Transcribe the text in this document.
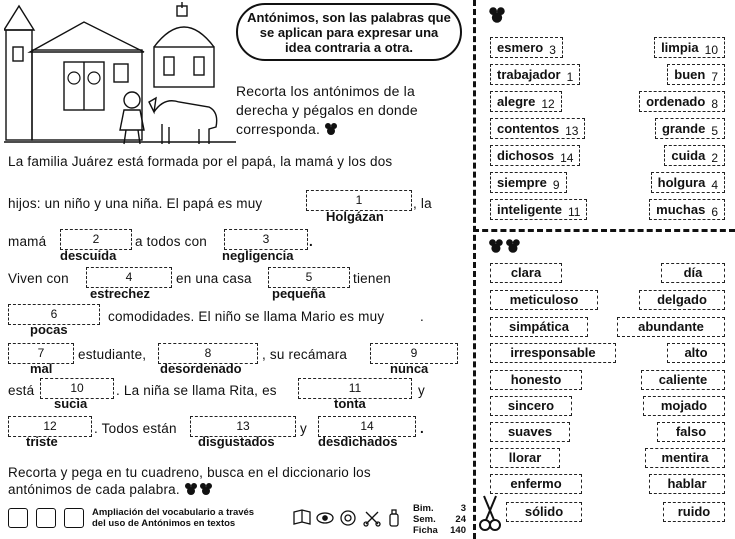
Antónimos, son las palabras que se aplican para expresar una idea contraria a otra.
Recorta los antónimos de la
derecha y pégalos en donde
corresponda.
La familia Juárez está formada por el papá, la mamá y los dos
hijos: un niño y una niña. El papá es muy	1
Holgázan
, la
mamá	2
descuida
a todos con	3
negligencia
.
Viven con	4
estrechez
en una casa	5
pequeña
tienen
6
pocas
comodidades. El niño se llama Mario es muy	.
7
mal
estudiante,	8
desordenado
, su recámara	9
nunca
está	10
sucia
. La niña se llama Rita, es	11
tonta
y
12
triste
. Todos están	13
disgustados
y	14
desdichados
.
Recorta y pega en tu cuadreno, busca en el diccionario los
antónimos de cada palabra.
Ampliación del vocabulario a través
del uso de Antónimos en textos
Bim.
Sem.
Ficha
3
24
140
esmero $_3$
trabajador $_1$
alegre $_{12}$
contentos $_{13}$
dichosos $_{14}$
siempre $_9$
inteligente $_{11}$
limpia $_{10}$
buen $_7$
ordenado $_8$
grande $_5$
cuida $_2$
holgura $_4$
muchas $_6$
clara
meticuloso
simpática
irresponsable
honesto
sincero
suaves
llorar
enfermo
sólido
día
delgado
abundante
alto
caliente
mojado
falso
mentira
hablar
ruido
